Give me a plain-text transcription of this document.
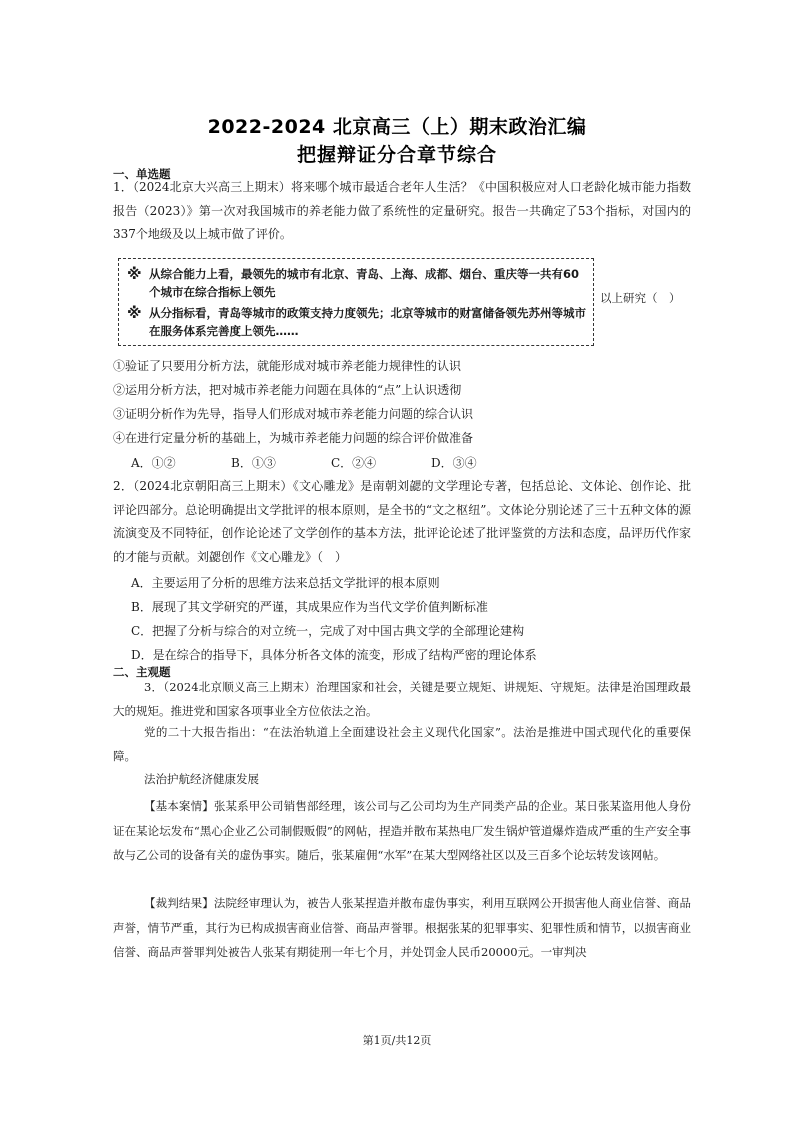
2022-2024 北京高三（上）期末政治汇编
把握辩证分合章节综合
一、单选题

1．（2024北京大兴高三上期末）将来哪个城市最适合老年人生活？《中国积极应对人口老龄化城市能力指数报告（2023）》第一次对我国城市的养老能力做了系统性的定量研究。报告一共确定了53个指标，对国内的337个地级及以上城市做了评价。

※ 从综合能力上看，最领先的城市有北京、青岛、上海、成都、烟台、重庆等一共有60个城市在综合指标上领先
※ 从分指标看，青岛等城市的政策支持力度领先；北京等城市的财富储备领先苏州等城市在服务体系完善度上领先……
以上研究（　）
①验证了只要用分析方法，就能形成对城市养老能力规律性的认识
②运用分析方法，把对城市养老能力问题在具体的“点”上认识透彻
③证明分析作为先导，指导人们形成对城市养老能力问题的综合认识
④在进行定量分析的基础上，为城市养老能力问题的综合评价做准备
A．①②	B．①③	C．②④	D．③④

2．（2024北京朝阳高三上期末）《文心雕龙》是南朝刘勰的文学理论专著，包括总论、文体论、创作论、批评论四部分。总论明确提出文学批评的根本原则，是全书的“文之枢纽”。文体论分别论述了三十五种文体的源流演变及不同特征，创作论论述了文学创作的基本方法，批评论论述了批评鉴赏的方法和态度，品评历代作家的才能与贡献。刘勰创作《文心雕龙》（　）

A．主要运用了分析的思维方法来总括文学批评的根本原则
B．展现了其文学研究的严谨，其成果应作为当代文学价值判断标准
C．把握了分析与综合的对立统一，完成了对中国古典文学的全部理论建构
D．是在综合的指导下，具体分析各文体的流变，形成了结构严密的理论体系
二、主观题

3．（2024北京顺义高三上期末）治理国家和社会，关键是要立规矩、讲规矩、守规矩。法律是治国理政最大的规矩。推进党和国家各项事业全方位依法之治。

党的二十大报告指出：“在法治轨道上全面建设社会主义现代化国家”。法治是推进中国式现代化的重要保障。

法治护航经济健康发展

【基本案情】张某系甲公司销售部经理，该公司与乙公司均为生产同类产品的企业。某日张某盗用他人身份证在某论坛发布“黑心企业乙公司制假贩假”的网帖，捏造并散布某热电厂发生锅炉管道爆炸造成严重的生产安全事故与乙公司的设备有关的虚伪事实。随后，张某雇佣“水军”在某大型网络社区以及三百多个论坛转发该网帖。

【裁判结果】法院经审理认为，被告人张某捏造并散布虚伪事实，利用互联网公开损害他人商业信誉、商品声誉，情节严重，其行为已构成损害商业信誉、商品声誉罪。根据张某的犯罪事实、犯罪性质和情节，以损害商业信誉、商品声誉罪判处被告人张某有期徒刑一年七个月，并处罚金人民币20000元。一审判决

第1页/共12页
